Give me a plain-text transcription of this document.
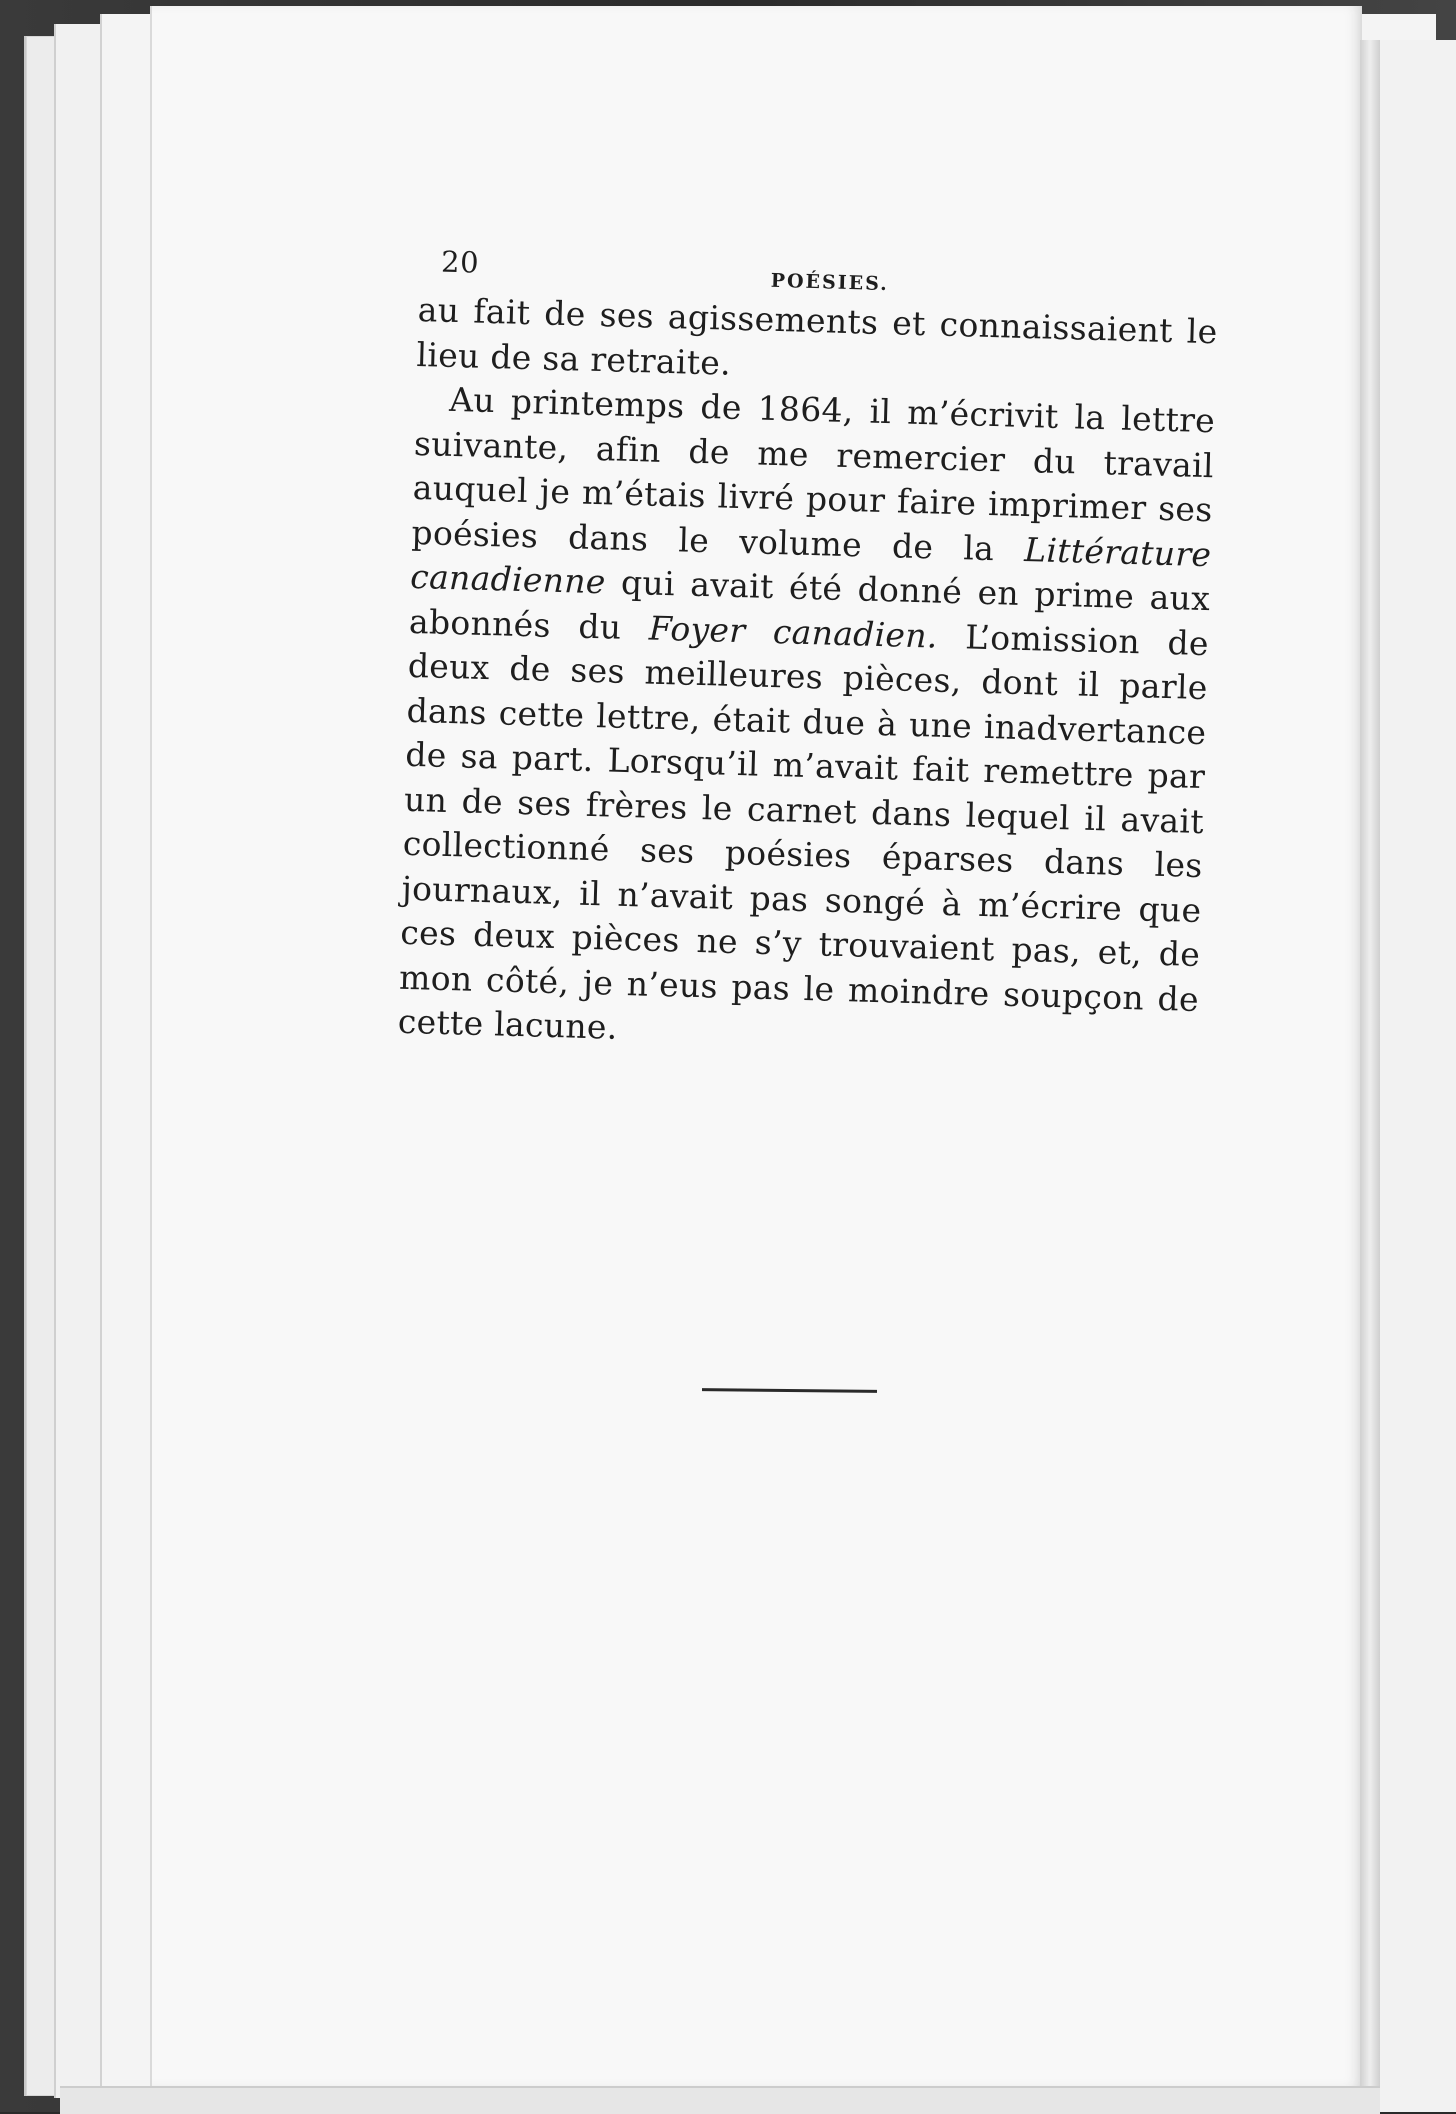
20
POÉSIES.

au fait de ses agissements et connaissaient le lieu de sa retraite.

Au printemps de 1864, il m’écrivit la lettre suivante, afin de me remercier du travail auquel je m’étais livré pour faire imprimer ses poésies dans le volume de la Littérature canadienne qui avait été donné en prime aux abonnés du Foyer canadien. L’omission de deux de ses meilleures pièces, dont il parle dans cette lettre, était due à une inadvertance de sa part. Lorsqu’il m’avait fait remettre par un de ses frères le carnet dans lequel il avait collectionné ses poésies éparses dans les journaux, il n’avait pas songé à m’écrire que ces deux pièces ne s’y trouvaient pas, et, de mon côté, je n’eus pas le moindre soupçon de cette lacune.
